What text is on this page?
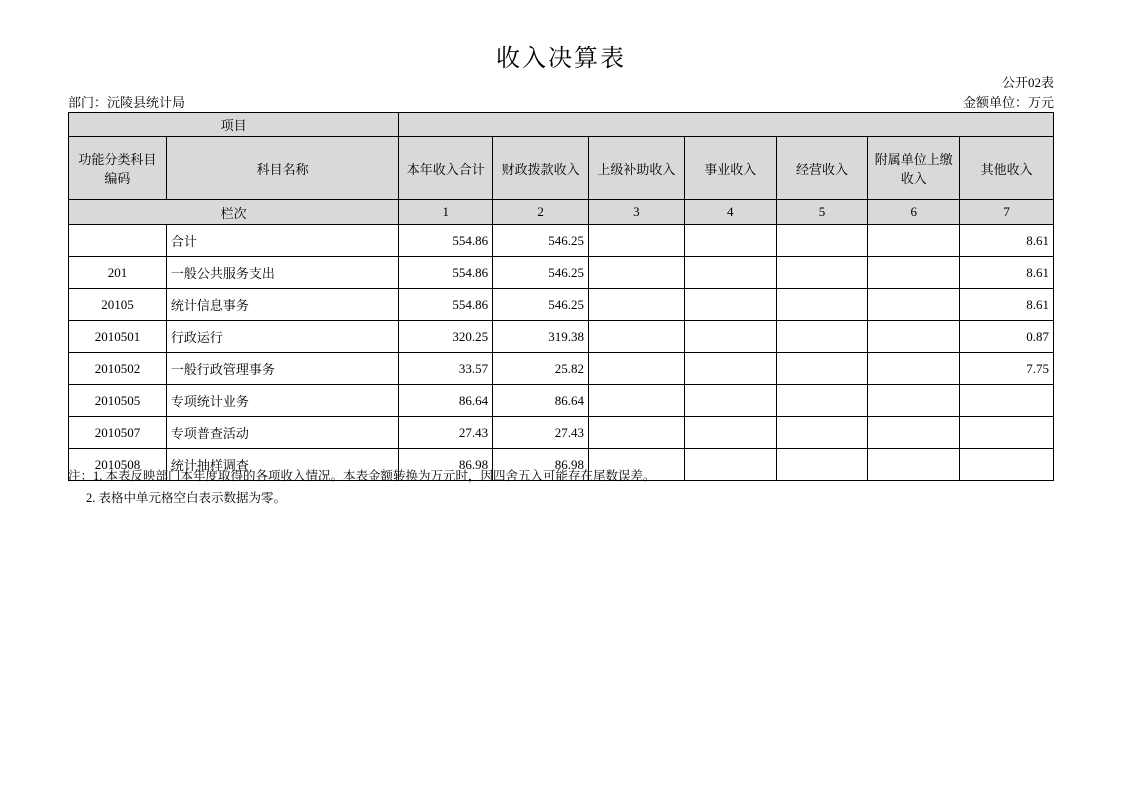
收入决算表
公开02表
部门：沅陵县统计局	金额单位：万元
项目								
功能分类科目编码	科目名称	本年收入合计	财政拨款收入	上级补助收入	事业收入	经营收入	附属单位上缴收入	其他收入
栏次		1	2	3	4	5	6	7
	合计	554.86	546.25					8.61
201	一般公共服务支出	554.86	546.25					8.61
20105	统计信息事务	554.86	546.25					8.61
2010501	行政运行	320.25	319.38					0.87
2010502	一般行政管理事务	33.57	25.82					7.75
2010505	专项统计业务	86.64	86.64					
2010507	专项普查活动	27.43	27.43					
2010508	统计抽样调查	86.98	86.98					
注：1. 本表反映部门本年度取得的各项收入情况。本表金额转换为万元时，因四舍五入可能存在尾数误差。
2. 表格中单元格空白表示数据为零。
